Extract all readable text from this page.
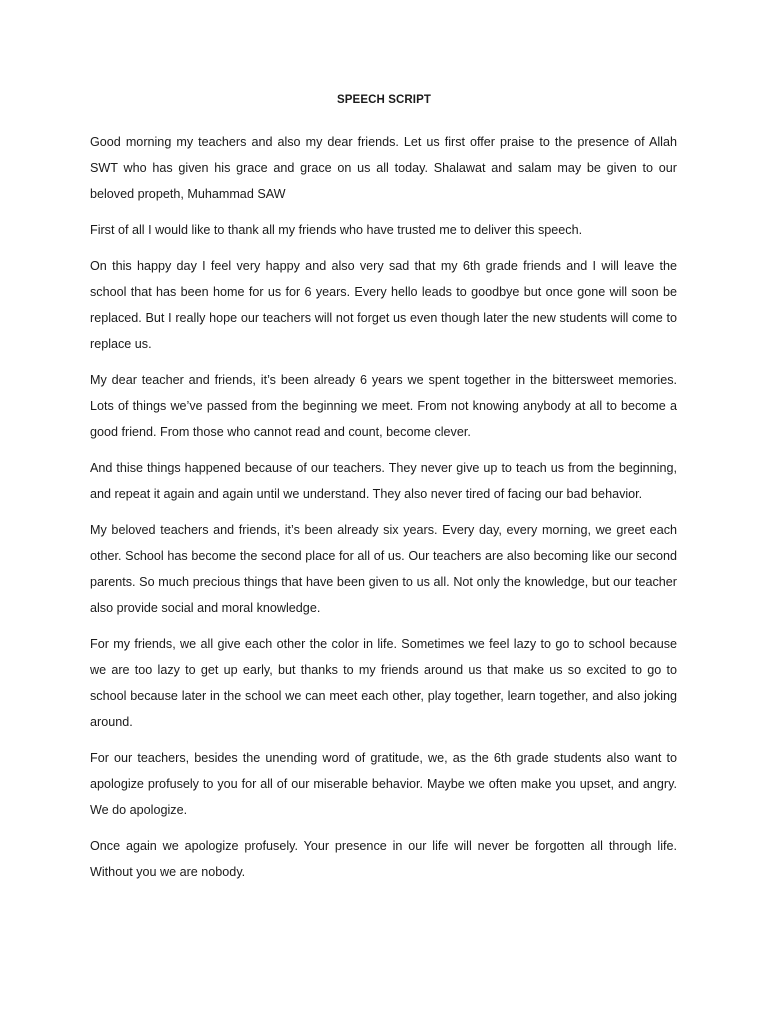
SPEECH SCRIPT

Good morning my teachers and also my dear friends. Let us first offer praise to the presence of Allah SWT who has given his grace and grace on us all today. Shalawat and salam may be given to our beloved propeth, Muhammad SAW

First of all I would like to thank all my friends who have trusted me to deliver this speech.

On this happy day I feel very happy and also very sad that my 6th grade friends and I will leave the school that has been home for us for 6 years. Every hello leads to goodbye but once gone will soon be replaced. But I really hope our teachers will not forget us even though later the new students will come to replace us.

My dear teacher and friends, it’s been already 6 years we spent together in the bittersweet memories. Lots of things we’ve passed from the beginning we meet. From not knowing anybody at all to become a good friend. From those who cannot read and count, become clever.

And thise things happened because of our teachers. They never give up to teach us from the beginning, and repeat it again and again until we understand. They also never tired of facing our bad behavior.

My beloved teachers and friends, it’s been already six years. Every day, every morning, we greet each other. School has become the second place for all of us. Our teachers are also becoming like our second parents. So much precious things that have been given to us all. Not only the knowledge, but our teacher also provide social and moral knowledge.

For my friends, we all give each other the color in life. Sometimes we feel lazy to go to school because we are too lazy to get up early, but thanks to my friends around us that make us so excited to go to school because later in the school we can meet each other, play together, learn together, and also joking around.

For our teachers, besides the unending word of gratitude, we, as the 6th grade students also want to apologize profusely to you for all of our miserable behavior. Maybe we often make you upset, and angry. We do apologize.

Once again we apologize profusely. Your presence in our life will never be forgotten all through life. Without you we are nobody.
